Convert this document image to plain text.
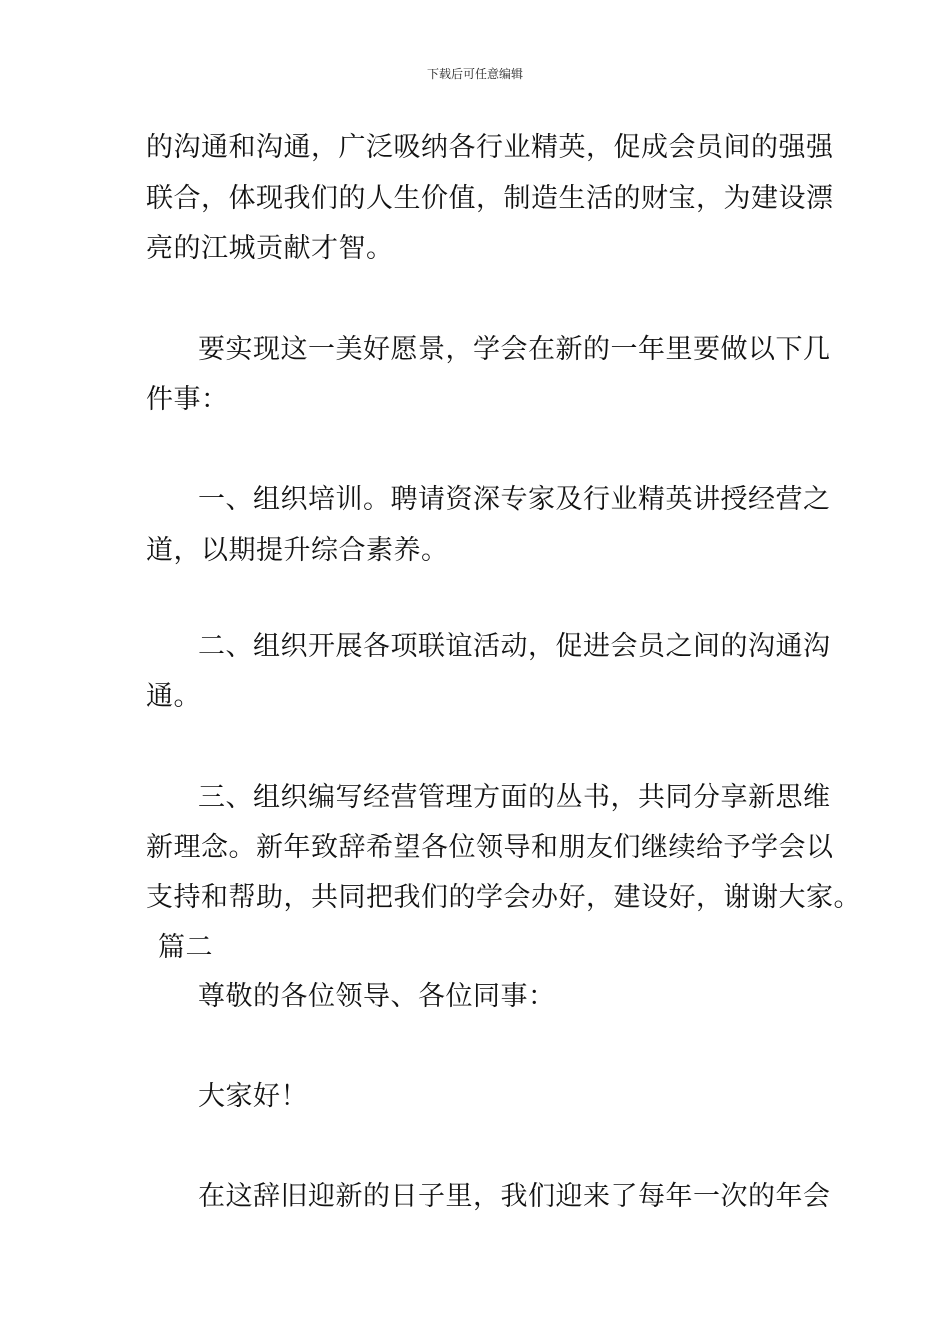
下载后可任意编辑
的沟通和沟通，广泛吸纳各行业精英，促成会员间的强强
联合，体现我们的人生价值，制造生活的财宝，为建设漂
亮的江城贡献才智。
要实现这一美好愿景，学会在新的一年里要做以下几
件事：
一、组织培训。聘请资深专家及行业精英讲授经营之
道，以期提升综合素养。
二、组织开展各项联谊活动，促进会员之间的沟通沟
通。
三、组织编写经营管理方面的丛书，共同分享新思维
新理念。新年致辞希望各位领导和朋友们继续给予学会以
支持和帮助，共同把我们的学会办好，建设好，谢谢大家。
篇二
尊敬的各位领导、各位同事：
大家好！
在这辞旧迎新的日子里，我们迎来了每年一次的年会
